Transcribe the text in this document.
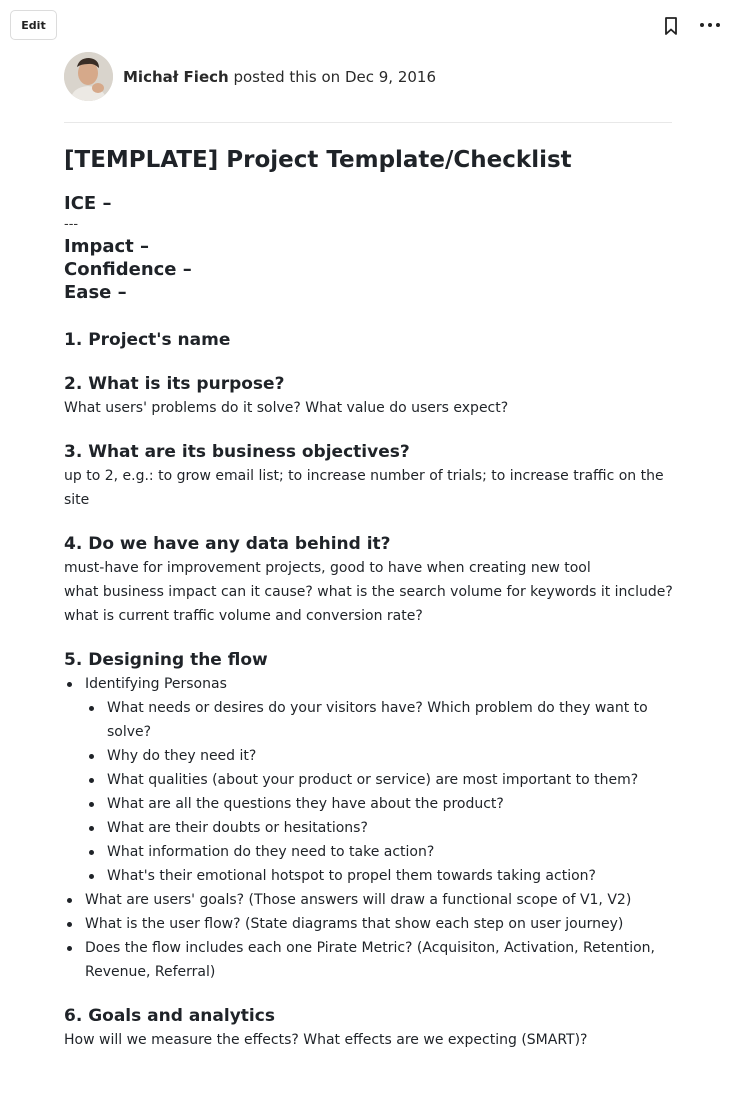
Edit
Michał Fiech posted this on Dec 9, 2016
[TEMPLATE] Project Template/Checklist
ICE –
---
Impact –
Confidence –
Ease –
1. Project's name
2. What is its purpose?
What users' problems do it solve? What value do users expect?
3. What are its business objectives?
up to 2, e.g.: to grow email list; to increase number of trials; to increase traffic on the site
4. Do we have any data behind it?
must-have for improvement projects, good to have when creating new tool
what business impact can it cause? what is the search volume for keywords it include? what is current traffic volume and conversion rate?
5. Designing the flow
Identifying Personas
What needs or desires do your visitors have? Which problem do they want to solve?
Why do they need it?
What qualities (about your product or service) are most important to them?
What are all the questions they have about the product?
What are their doubts or hesitations?
What information do they need to take action?
What's their emotional hotspot to propel them towards taking action?
What are users' goals? (Those answers will draw a functional scope of V1, V2)
What is the user flow? (State diagrams that show each step on user journey)
Does the flow includes each one Pirate Metric? (Acquisiton, Activation, Retention, Revenue, Referral)
6. Goals and analytics
How will we measure the effects? What effects are we expecting (SMART)?
